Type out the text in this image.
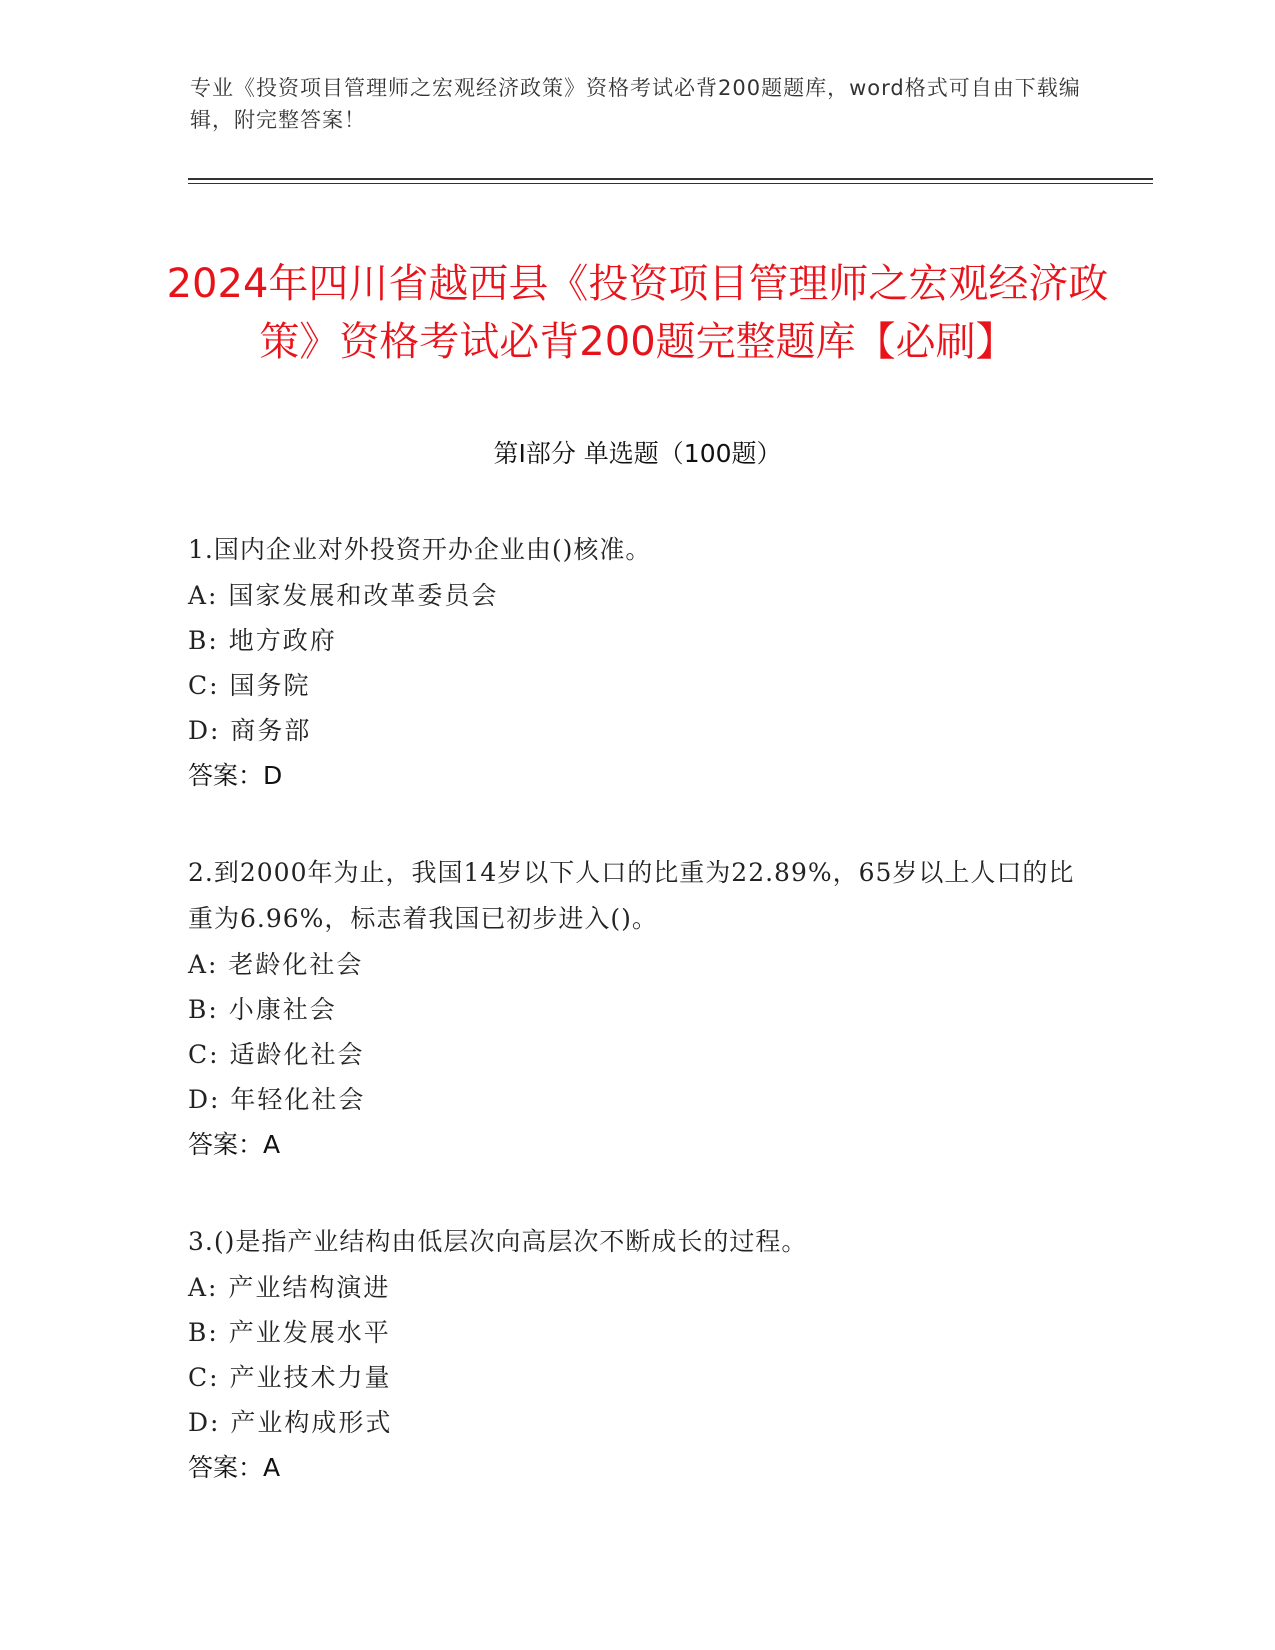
专业《投资项目管理师之宏观经济政策》资格考试必背200题题库，word格式可自由下载编辑，附完整答案！
2024年四川省越西县《投资项目管理师之宏观经济政策》资格考试必背200题完整题库【必刷】
第I部分 单选题（100题）

1.国内企业对外投资开办企业由()核准。

A: 国家发展和改革委员会
B: 地方政府
C: 国务院
D: 商务部
答案：D

2.到2000年为止，我国14岁以下人口的比重为22.89%，65岁以上人口的比重为6.96%，标志着我国已初步进入()。

A: 老龄化社会
B: 小康社会
C: 适龄化社会
D: 年轻化社会
答案：A

3.()是指产业结构由低层次向高层次不断成长的过程。

A: 产业结构演进
B: 产业发展水平
C: 产业技术力量
D: 产业构成形式
答案：A
